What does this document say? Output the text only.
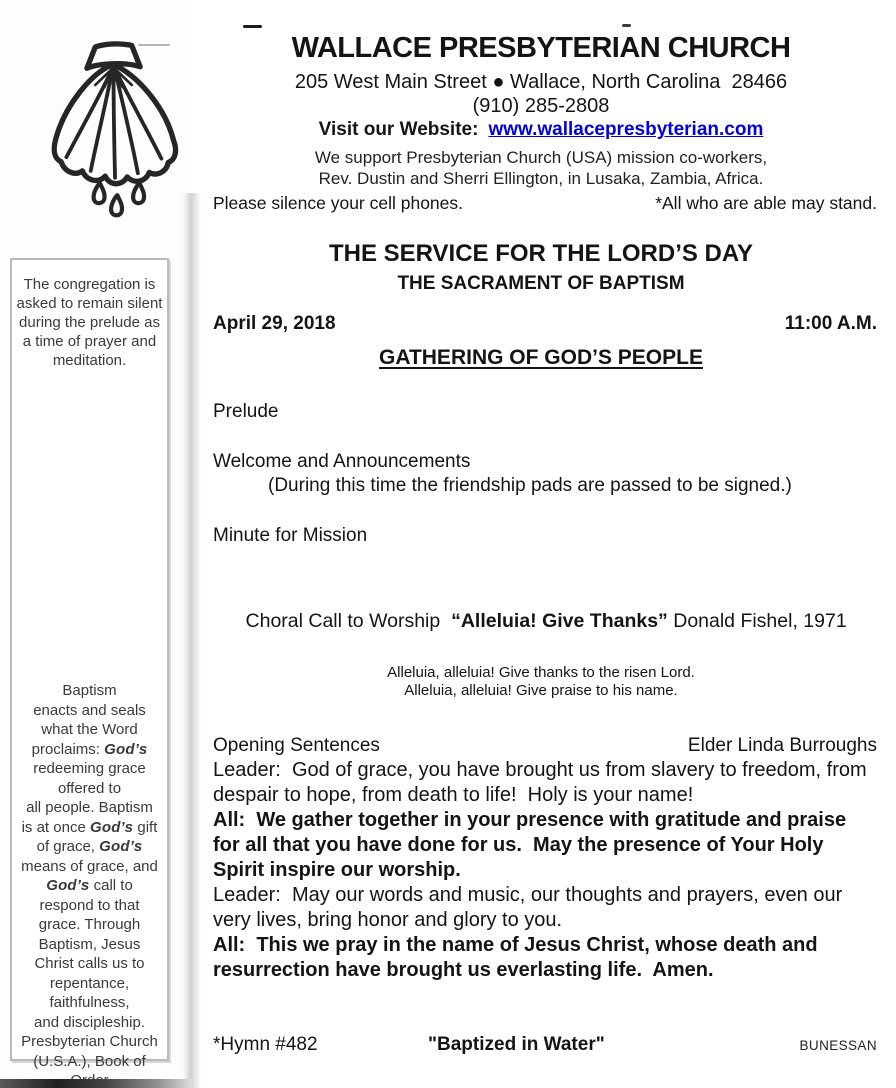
The congregation is asked to remain silent during the prelude as a time of prayer and meditation.
Baptism
enacts and seals
what the Word
proclaims: God’s
redeeming grace
offered to
all people. Baptism
is at once God’s gift
of grace, God’s
means of grace, and
God’s call to
respond to that
grace. Through
Baptism, Jesus
Christ calls us to
repentance,
faithfulness,
and discipleship.
Presbyterian Church
(U.S.A.), Book of
WALLACE PRESBYTERIAN CHURCH
205 West Main Street ● Wallace, North Carolina  28466
(910) 285-2808
Visit our Website: www.wallacepresbyterian.com
We support Presbyterian Church (USA) mission co-workers,
Rev. Dustin and Sherri Ellington, in Lusaka, Zambia, Africa.
Please silence your cell phones.	*All who are able may stand.
THE SERVICE FOR THE LORD’S DAY
THE SACRAMENT OF BAPTISM
April 29, 2018	11:00 A.M.
GATHERING OF GOD’S PEOPLE
Prelude
Welcome and Announcements
(During this time the friendship pads are passed to be signed.)
Minute for Mission

Choral Call to Worship  “Alleluia! Give Thanks” Donald Fishel, 1971

Alleluia, alleluia! Give thanks to the risen Lord.
Alleluia, alleluia! Give praise to his name.
Opening Sentences	Elder Linda Burroughs

Leader:  God of grace, you have brought us from slavery to freedom, from despair to hope, from death to life!  Holy is your name!

All:  We gather together in your presence with gratitude and praise for all that you have done for us.  May the presence of Your Holy Spirit inspire our worship.

Leader:  May our words and music, our thoughts and prayers, even our very lives, bring honor and glory to you.

All:  This we pray in the name of Jesus Christ, whose death and resurrection have brought us everlasting life.  Amen.

*Hymn #482	"Baptized in Water"	BUNESSAN
